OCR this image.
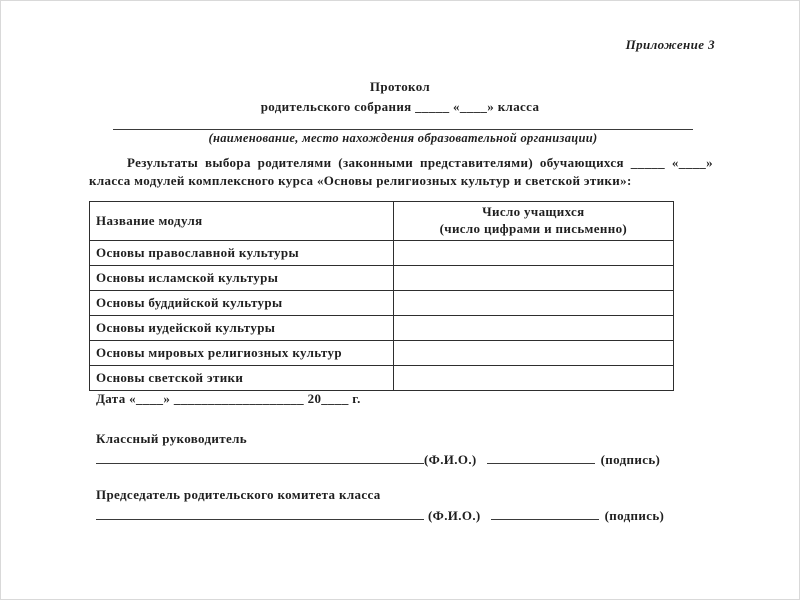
Приложение 3
Протокол
родительского собрания _____ «____» класса
(наименование, место нахождения образовательной организации)
Результаты выбора родителями (законными представителями) обучающихся _____ «____» класса модулей комплексного курса «Основы религиозных культур и светской этики»:
Название модуля	Число учащихся
(число цифрами и письменно)

Основы православной культуры	
Основы исламской культуры	
Основы буддийской культуры	
Основы иудейской культуры	
Основы мировых религиозных культур	
Основы светской этики	
Дата «____» ___________________ 20____ г.
Классный руководитель
(Ф.И.О.)	(подпись)
Председатель родительского комитета класса
(Ф.И.О.)	(подпись)
